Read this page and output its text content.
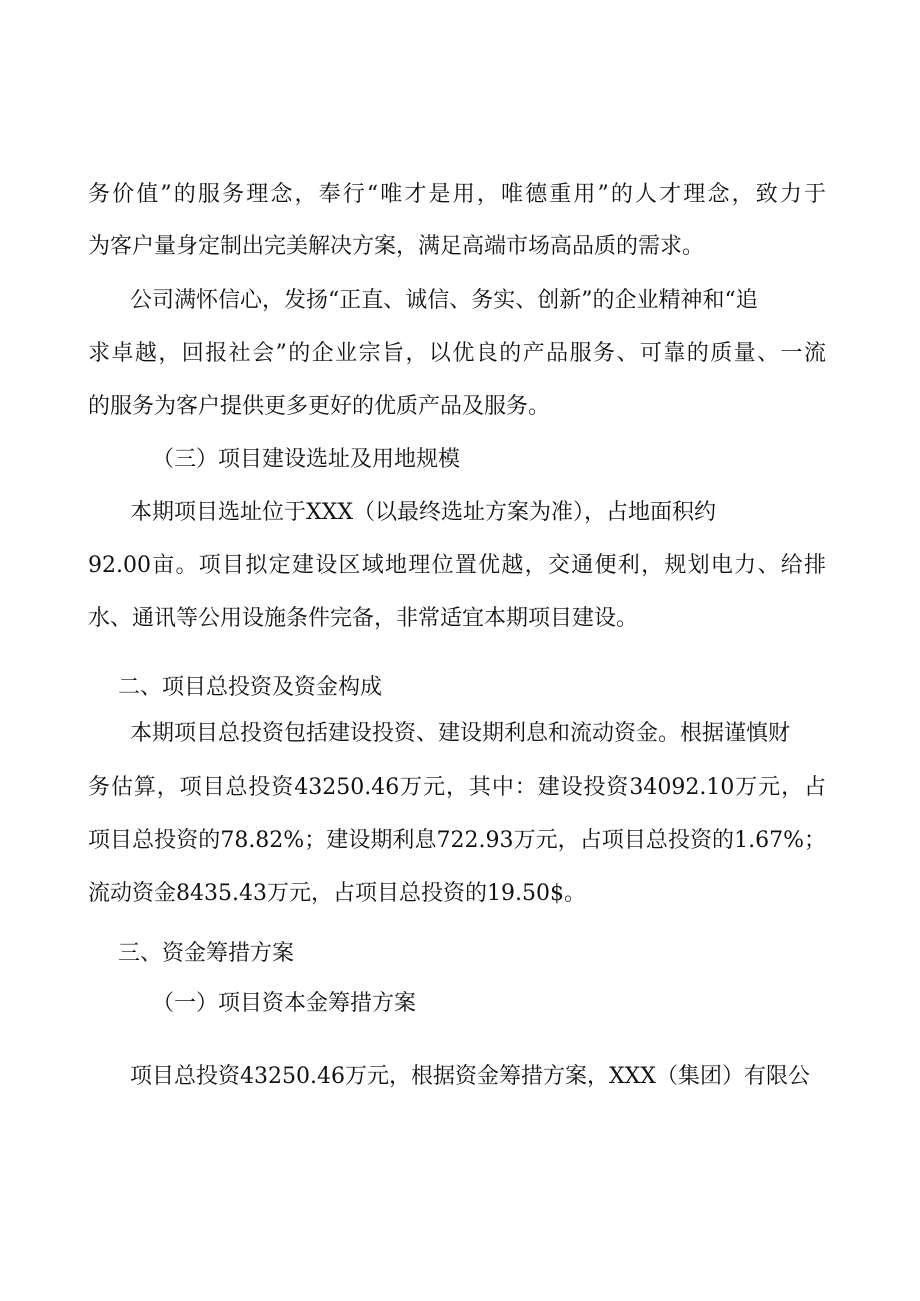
务价值”的服务理念，奉行“唯才是用，唯德重用”的人才理念，致力于
为客户量身定制出完美解决方案，满足高端市场高品质的需求。
公司满怀信心，发扬“正直、诚信、务实、创新”的企业精神和“追
求卓越，回报社会”的企业宗旨，以优良的产品服务、可靠的质量、一流
的服务为客户提供更多更好的优质产品及服务。
（三）项目建设选址及用地规模
本期项目选址位于XXX（以最终选址方案为准），占地面积约
92.00亩。项目拟定建设区域地理位置优越，交通便利，规划电力、给排
水、通讯等公用设施条件完备，非常适宜本期项目建设。
二、项目总投资及资金构成
本期项目总投资包括建设投资、建设期利息和流动资金。根据谨慎财
务估算，项目总投资43250.46万元，其中：建设投资34092.10万元，占
项目总投资的78.82%；建设期利息722.93万元，占项目总投资的1.67%；
流动资金8435.43万元，占项目总投资的19.50$。
三、资金筹措方案
（一）项目资本金筹措方案
项目总投资43250.46万元，根据资金筹措方案，XXX（集团）有限公
